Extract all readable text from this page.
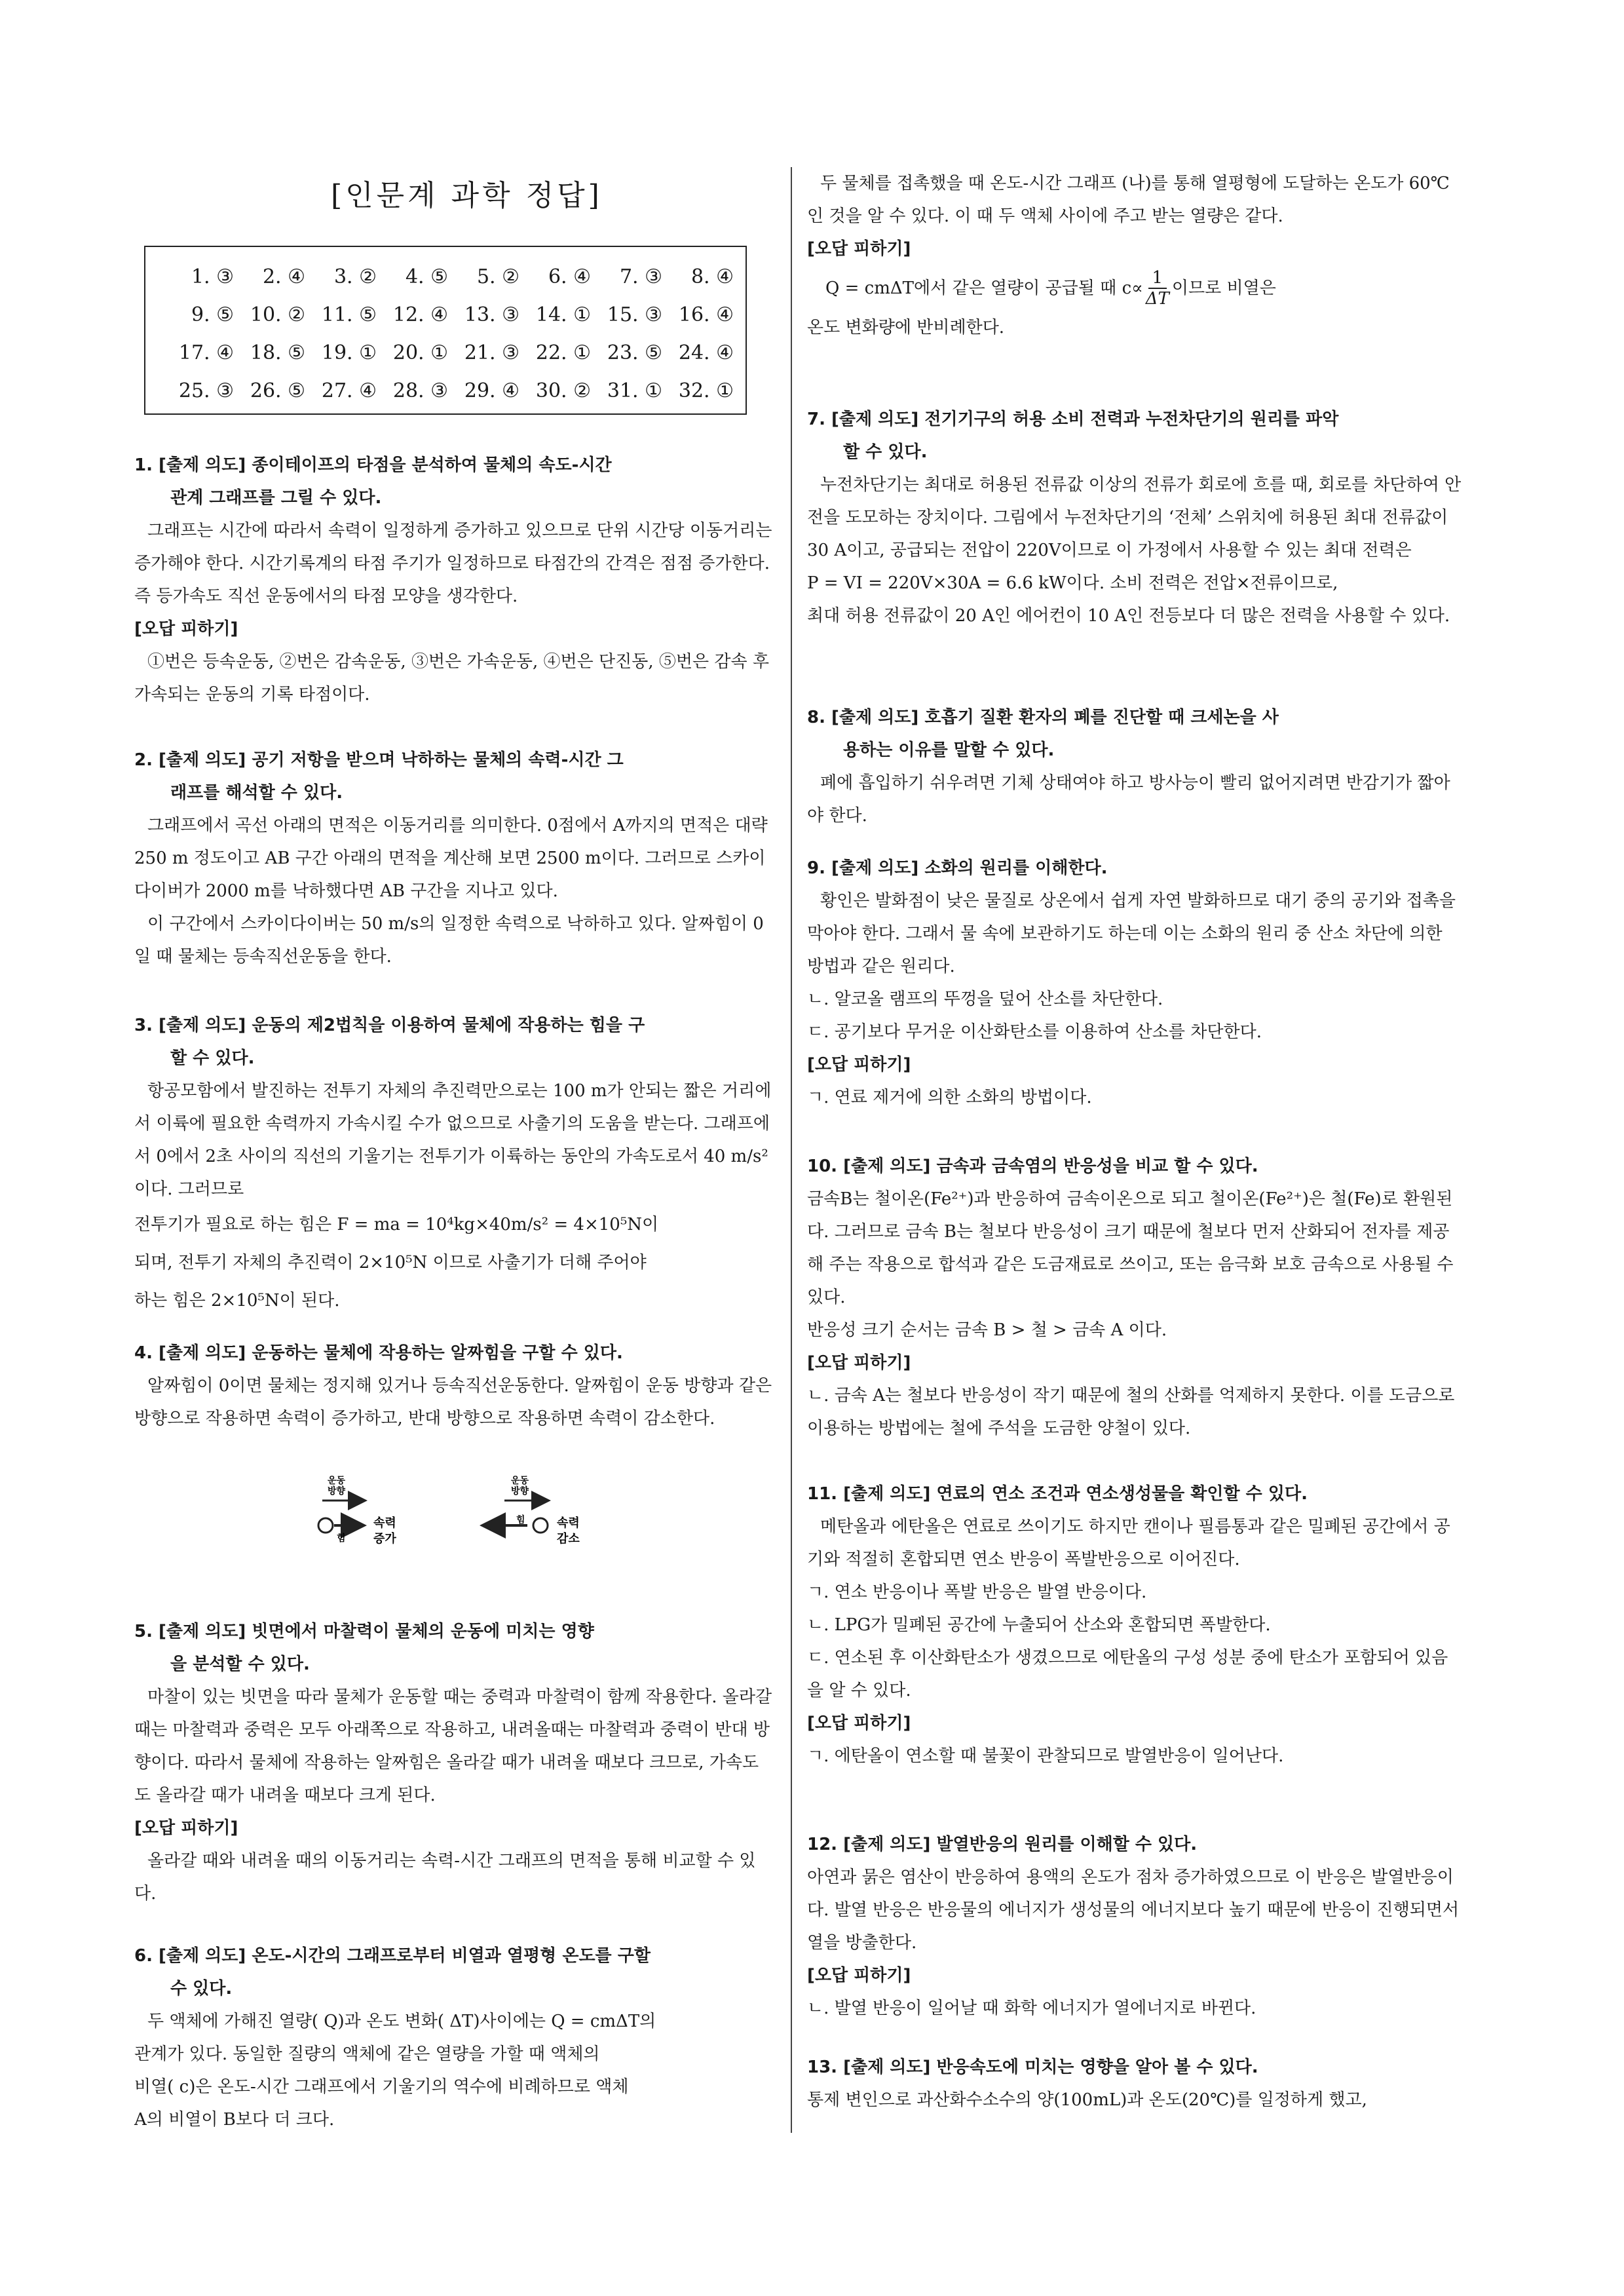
[인문계 과학 정답]
1. ③	2. ④	3. ②	4. ⑤	5. ②	6. ④	7. ③	8. ④
9. ⑤ 10. ② 11. ⑤ 12. ④ 13. ③ 14. ① 15. ③ 16. ④
17. ④ 18. ⑤ 19. ① 20. ① 21. ③ 22. ① 23. ⑤ 24. ④
25. ③ 26. ⑤ 27. ④ 28. ③ 29. ④ 30. ② 31. ① 32. ①
1. [출제 의도] 종이테이프의 타점을 분석하여 물체의 속도-시간
관계 그래프를 그릴 수 있다.

그래프는 시간에 따라서 속력이 일정하게 증가하고 있으므로 단위 시간당 이동거리는 증가해야 한다. 시간기록계의 타점 주기가 일정하므로 타점간의 간격은 점점 증가한다. 즉 등가속도 직선 운동에서의 타점 모양을 생각한다.

[오답 피하기]

①번은 등속운동, ②번은 감속운동, ③번은 가속운동, ④번은 단진동, ⑤번은 감속 후 가속되는 운동의 기록 타점이다.

2. [출제 의도] 공기 저항을 받으며 낙하하는 물체의 속력-시간 그
래프를 해석할 수 있다.

그래프에서 곡선 아래의 면적은 이동거리를 의미한다. 0점에서 A까지의 면적은 대략 250 m 정도이고 AB 구간 아래의 면적을 계산해 보면 2500 m이다. 그러므로 스카이다이버가 2000 m를 낙하했다면 AB 구간을 지나고 있다.

이 구간에서 스카이다이버는 50 m/s의 일정한 속력으로 낙하하고 있다. 알짜힘이 0일 때 물체는 등속직선운동을 한다.

3. [출제 의도] 운동의 제2법칙을 이용하여 물체에 작용하는 힘을 구
할 수 있다.

항공모함에서 발진하는 전투기 자체의 추진력만으로는 100 m가 안되는 짧은 거리에서 이륙에 필요한 속력까지 가속시킬 수가 없으므로 사출기의 도움을 받는다. 그래프에서 0에서 2초 사이의 직선의 기울기는 전투기가 이륙하는 동안의 가속도로서 40 m/s²이다. 그러므로

전투기가 필요로 하는 힘은 F = ma = 10⁴kg×40m/s² = 4×10⁵N이

되며, 전투기 자체의 추진력이 2×10⁵N 이므로 사출기가 더해 주어야

하는 힘은 2×10⁵N이 된다.

4. [출제 의도] 운동하는 물체에 작용하는 알짜힘을 구할 수 있다.

알짜힘이 0이면 물체는 정지해 있거나 등속직선운동한다. 알짜힘이 운동 방향과 같은 방향으로 작용하면 속력이 증가하고, 반대 방향으로 작용하면 속력이 감소한다.

5. [출제 의도] 빗면에서 마찰력이 물체의 운동에 미치는 영향
을 분석할 수 있다.

마찰이 있는 빗면을 따라 물체가 운동할 때는 중력과 마찰력이 함께 작용한다. 올라갈 때는 마찰력과 중력은 모두 아래쪽으로 작용하고, 내려올때는 마찰력과 중력이 반대 방향이다. 따라서 물체에 작용하는 알짜힘은 올라갈 때가 내려올 때보다 크므로, 가속도도 올라갈 때가 내려올 때보다 크게 된다.

[오답 피하기]

올라갈 때와 내려올 때의 이동거리는 속력-시간 그래프의 면적을 통해 비교할 수 있다.

6. [출제 의도] 온도-시간의 그래프로부터 비열과 열평형 온도를 구할
수 있다.

두 액체에 가해진 열량( Q)과 온도 변화( ΔT)사이에는 Q = cmΔT의

관계가 있다. 동일한 질량의 액체에 같은 열량을 가할 때 액체의

비열( c)은 온도-시간 그래프에서 기울기의 역수에 비례하므로 액체

A의 비열이 B보다 더 크다.

운동
방향
힘
속력
증가
운동
방향
힘	속력
감소

두 물체를 접촉했을 때 온도-시간 그래프 (나)를 통해 열평형에 도달하는 온도가 60℃인 것을 알 수 있다. 이 때 두 액체 사이에 주고 받는 열량은 같다.

[오답 피하기]

Q = cmΔT에서 같은 열량이 공급될 때 $c\propto \frac{1}{\Delta T}$ 이므로 비열은

온도 변화량에 반비례한다.

7. [출제 의도] 전기기구의 허용 소비 전력과 누전차단기의 원리를 파악
할 수 있다.

누전차단기는 최대로 허용된 전류값 이상의 전류가 회로에 흐를 때, 회로를 차단하여 안전을 도모하는 장치이다. 그림에서 누전차단기의 ‘전체’ 스위치에 허용된 최대 전류값이 30 A이고, 공급되는 전압이 220V이므로 이 가정에서 사용할 수 있는 최대 전력은

P = VI = 220V×30A = 6.6 kW이다. 소비 전력은 전압×전류이므로,

최대 허용 전류값이 20 A인 에어컨이 10 A인 전등보다 더 많은 전력을 사용할 수 있다.

8. [출제 의도] 호흡기 질환 환자의 폐를 진단할 때 크세논을 사
용하는 이유를 말할 수 있다.

폐에 흡입하기 쉬우려면 기체 상태여야 하고 방사능이 빨리 없어지려면 반감기가 짧아야 한다.

9. [출제 의도] 소화의 원리를 이해한다.

황인은 발화점이 낮은 물질로 상온에서 쉽게 자연 발화하므로 대기 중의 공기와 접촉을 막아야 한다. 그래서 물 속에 보관하기도 하는데 이는 소화의 원리 중 산소 차단에 의한 방법과 같은 원리다.

ㄴ. 알코올 램프의 뚜껑을 덮어 산소를 차단한다.

ㄷ. 공기보다 무거운 이산화탄소를 이용하여 산소를 차단한다.

[오답 피하기]

ㄱ. 연료 제거에 의한 소화의 방법이다.

10. [출제 의도] 금속과 금속염의 반응성을 비교 할 수 있다.

금속B는 철이온(Fe²⁺)과 반응하여 금속이온으로 되고 철이온(Fe²⁺)은 철(Fe)로 환원된다. 그러므로 금속 B는 철보다 반응성이 크기 때문에 철보다 먼저 산화되어 전자를 제공해 주는 작용으로 합석과 같은 도금재료로 쓰이고, 또는 음극화 보호 금속으로 사용될 수 있다.

반응성 크기 순서는 금속 B > 철 > 금속 A 이다.

[오답 피하기]

ㄴ. 금속 A는 철보다 반응성이 작기 때문에 철의 산화를 억제하지 못한다. 이를 도금으로 이용하는 방법에는 철에 주석을 도금한 양철이 있다.

11. [출제 의도] 연료의 연소 조건과 연소생성물을 확인할 수 있다.

메탄올과 에탄올은 연료로 쓰이기도 하지만 캔이나 필름통과 같은 밀폐된 공간에서 공기와 적절히 혼합되면 연소 반응이 폭발반응으로 이어진다.

ㄱ. 연소 반응이나 폭발 반응은 발열 반응이다.

ㄴ. LPG가 밀폐된 공간에 누출되어 산소와 혼합되면 폭발한다.

ㄷ. 연소된 후 이산화탄소가 생겼으므로 에탄올의 구성 성분 중에 탄소가 포함되어 있음을 알 수 있다.

[오답 피하기]

ㄱ. 에탄올이 연소할 때 불꽃이 관찰되므로 발열반응이 일어난다.

12. [출제 의도] 발열반응의 원리를 이해할 수 있다.

아연과 묽은 염산이 반응하여 용액의 온도가 점차 증가하였으므로 이 반응은 발열반응이다. 발열 반응은 반응물의 에너지가 생성물의 에너지보다 높기 때문에 반응이 진행되면서 열을 방출한다.

[오답 피하기]

ㄴ. 발열 반응이 일어날 때 화학 에너지가 열에너지로 바뀐다.

13. [출제 의도] 반응속도에 미치는 영향을 알아 볼 수 있다.

통제 변인으로 과산화수소수의 양(100mL)과 온도(20℃)를 일정하게 했고,
